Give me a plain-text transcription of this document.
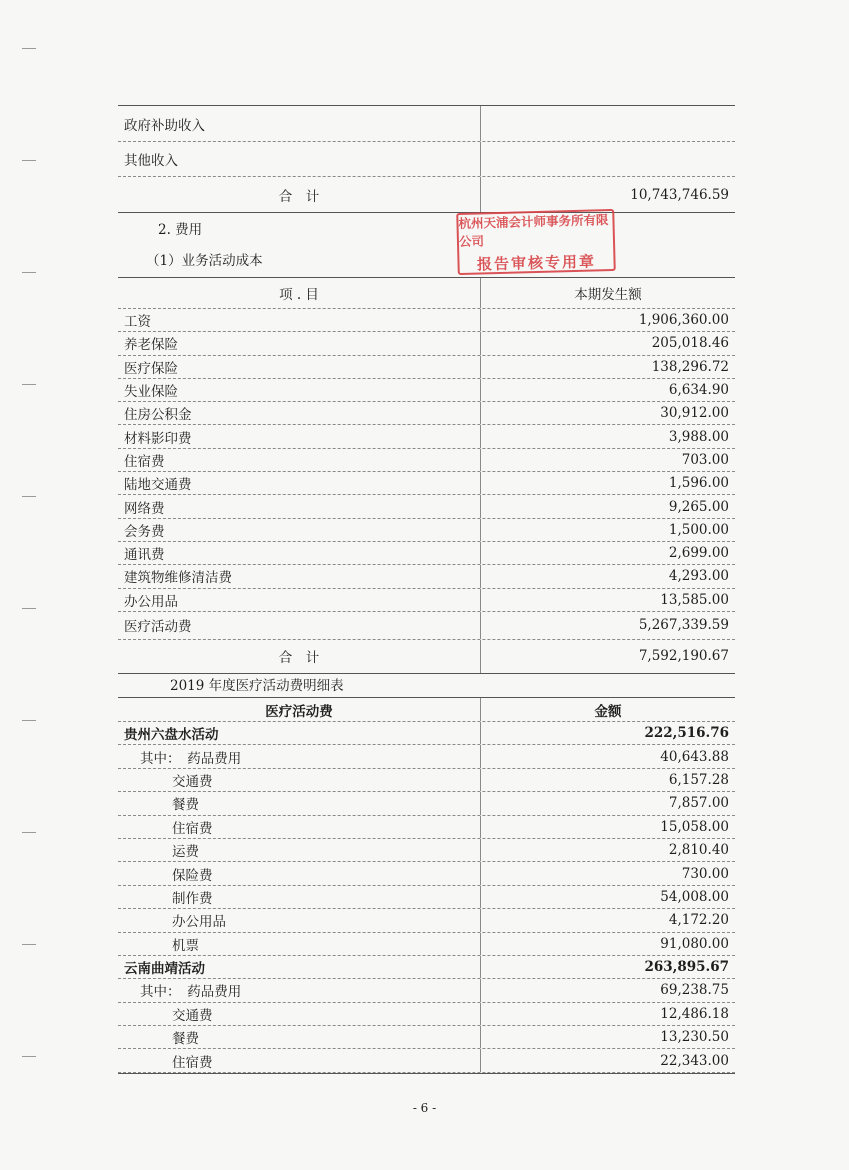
政府补助收入
其他收入
合　计	10,743,746.59
2. 费用
（1）业务活动成本
杭州天浦会计师事务所有限公司
报告审核专用章
项 . 目	本期发生额
工资	1,906,360.00
养老保险	205,018.46
医疗保险	138,296.72
失业保险	6,634.90
住房公积金	30,912.00
材料影印费	3,988.00
住宿费	703.00
陆地交通费	1,596.00
网络费	9,265.00
会务费	1,500.00
通讯费	2,699.00
建筑物维修清洁费	4,293.00
办公用品	13,585.00
医疗活动费	5,267,339.59
合　计	7,592,190.67
2019 年度医疗活动费明细表
医疗活动费	金额
贵州六盘水活动	222,516.76
其中：　药品费用	40,643.88
交通费	6,157.28
餐费	7,857.00
住宿费	15,058.00
运费	2,810.40
保险费	730.00
制作费	54,008.00
办公用品	4,172.20
机票	91,080.00
云南曲靖活动	263,895.67
其中：　药品费用	69,238.75
交通费	12,486.18
餐费	13,230.50
住宿费	22,343.00
- 6 -
